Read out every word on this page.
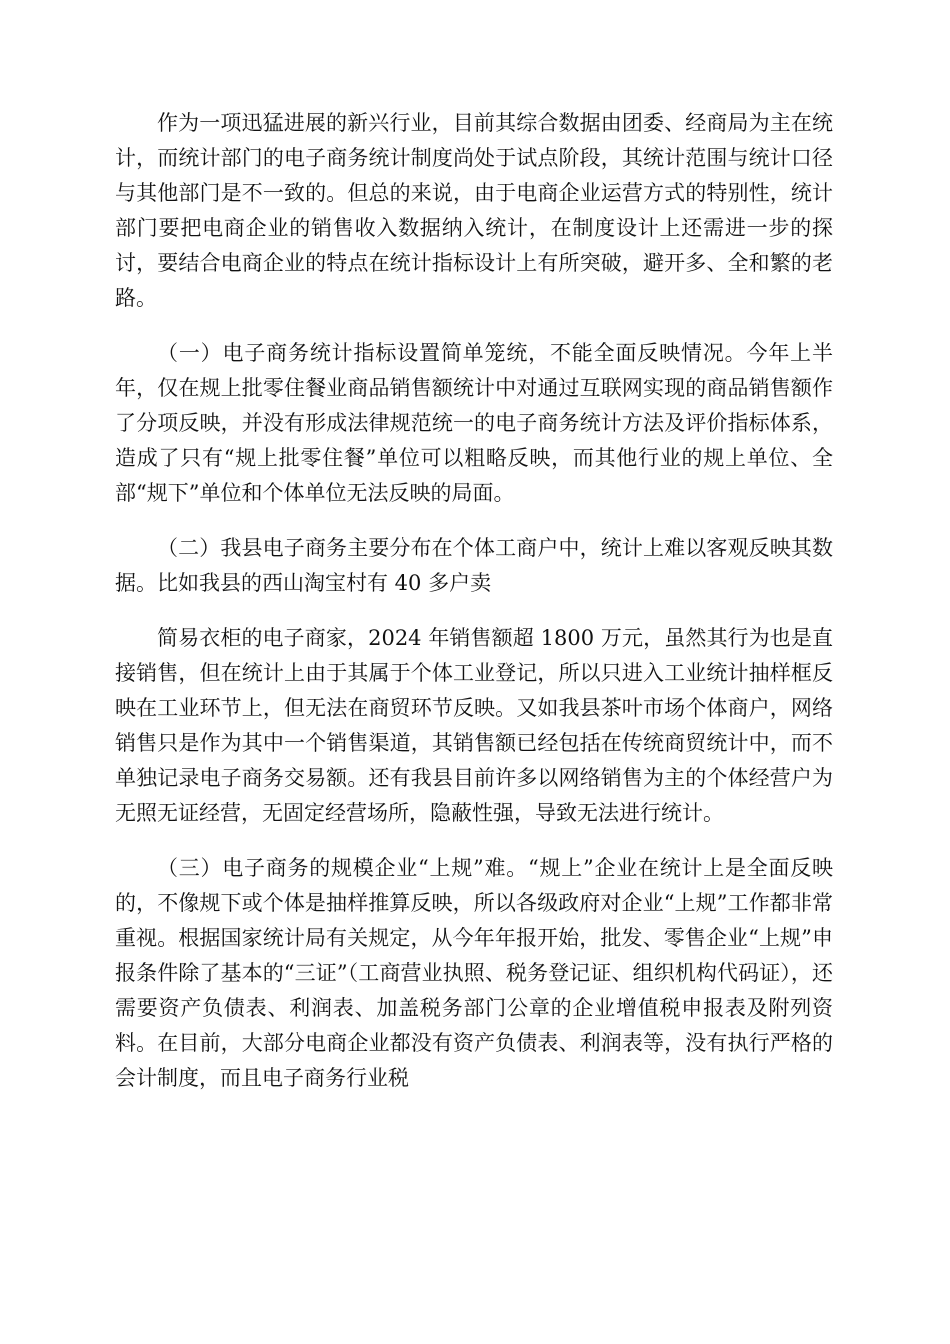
作为一项迅猛进展的新兴行业，目前其综合数据由团委、经商局为主在统计，而统计部门的电子商务统计制度尚处于试点阶段，其统计范围与统计口径与其他部门是不一致的。但总的来说，由于电商企业运营方式的特别性，统计部门要把电商企业的销售收入数据纳入统计，在制度设计上还需进一步的探讨，要结合电商企业的特点在统计指标设计上有所突破，避开多、全和繁的老路。

（一）电子商务统计指标设置简单笼统，不能全面反映情况。今年上半年，仅在规上批零住餐业商品销售额统计中对通过互联网实现的商品销售额作了分项反映，并没有形成法律规范统一的电子商务统计方法及评价指标体系，造成了只有“规上批零住餐”单位可以粗略反映，而其他行业的规上单位、全部“规下”单位和个体单位无法反映的局面。

（二）我县电子商务主要分布在个体工商户中，统计上难以客观反映其数据。比如我县的西山淘宝村有 40 多户卖

简易衣柜的电子商家，2024 年销售额超 1800 万元，虽然其行为也是直接销售，但在统计上由于其属于个体工业登记，所以只进入工业统计抽样框反映在工业环节上，但无法在商贸环节反映。又如我县茶叶市场个体商户，网络销售只是作为其中一个销售渠道，其销售额已经包括在传统商贸统计中，而不单独记录电子商务交易额。还有我县目前许多以网络销售为主的个体经营户为无照无证经营，无固定经营场所，隐蔽性强，导致无法进行统计。

（三）电子商务的规模企业“上规”难。“规上”企业在统计上是全面反映的，不像规下或个体是抽样推算反映，所以各级政府对企业“上规”工作都非常重视。根据国家统计局有关规定，从今年年报开始，批发、零售企业“上规”申报条件除了基本的“三证”（工商营业执照、税务登记证、组织机构代码证），还需要资产负债表、利润表、加盖税务部门公章的企业增值税申报表及附列资料。在目前，大部分电商企业都没有资产负债表、利润表等，没有执行严格的会计制度，而且电子商务行业税
